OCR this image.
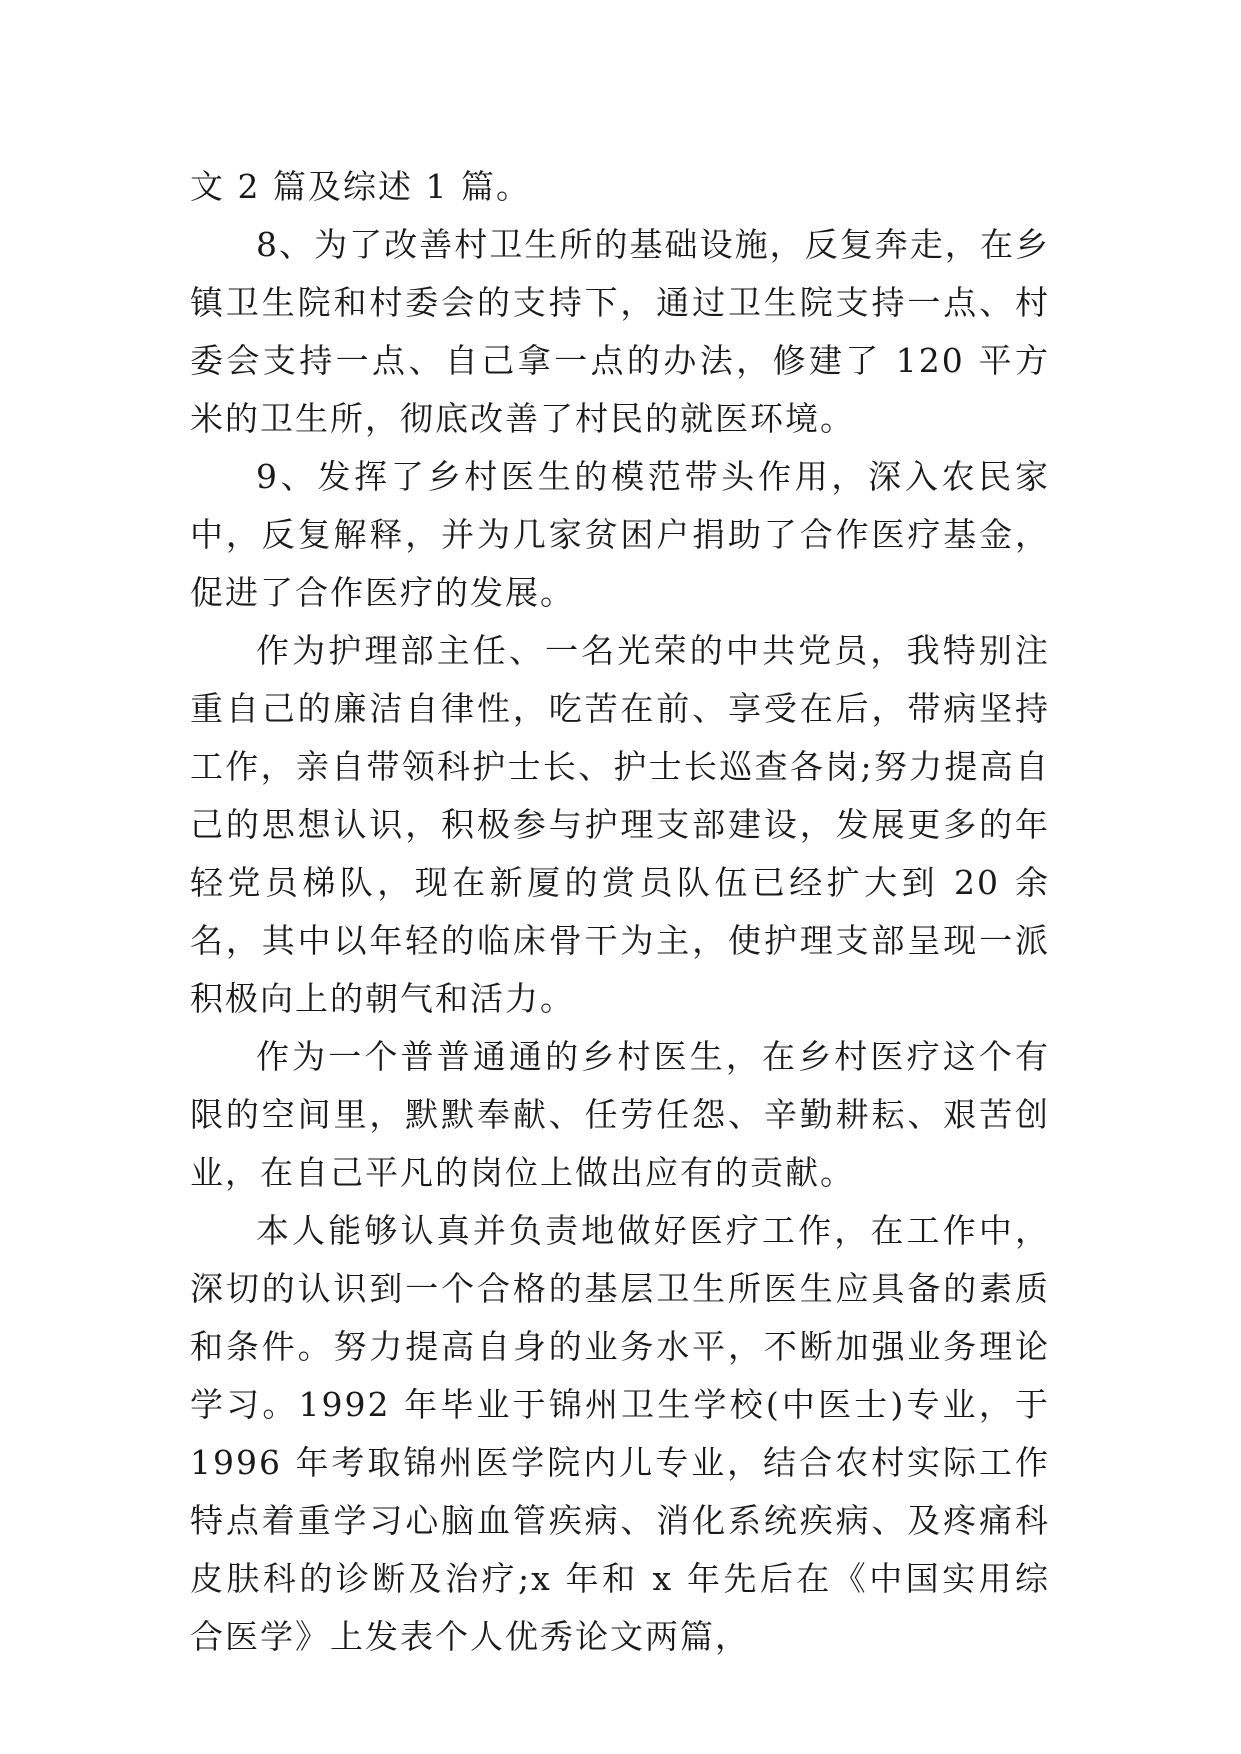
文 2 篇及综述 1 篇。

8、为了改善村卫生所的基础设施，反复奔走，在乡镇卫生院和村委会的支持下，通过卫生院支持一点、村委会支持一点、自己拿一点的办法，修建了 120 平方米的卫生所，彻底改善了村民的就医环境。

9、发挥了乡村医生的模范带头作用，深入农民家中，反复解释，并为几家贫困户捐助了合作医疗基金，促进了合作医疗的发展。

作为护理部主任、一名光荣的中共党员，我特别注重自己的廉洁自律性，吃苦在前、享受在后，带病坚持工作，亲自带领科护士长、护士长巡查各岗;努力提高自己的思想认识，积极参与护理支部建设，发展更多的年轻党员梯队，现在新厦的赏员队伍已经扩大到 20 余名，其中以年轻的临床骨干为主，使护理支部呈现一派积极向上的朝气和活力。

作为一个普普通通的乡村医生，在乡村医疗这个有限的空间里，默默奉献、任劳任怨、辛勤耕耘、艰苦创业，在自己平凡的岗位上做出应有的贡献。

本人能够认真并负责地做好医疗工作，在工作中，深切的认识到一个合格的基层卫生所医生应具备的素质和条件。努力提高自身的业务水平，不断加强业务理论学习。1992 年毕业于锦州卫生学校(中医士)专业，于 1996 年考取锦州医学院内儿专业，结合农村实际工作特点着重学习心脑血管疾病、消化系统疾病、及疼痛科皮肤科的诊断及治疗;x 年和 x 年先后在《中国实用综合医学》上发表个人优秀论文两篇，
